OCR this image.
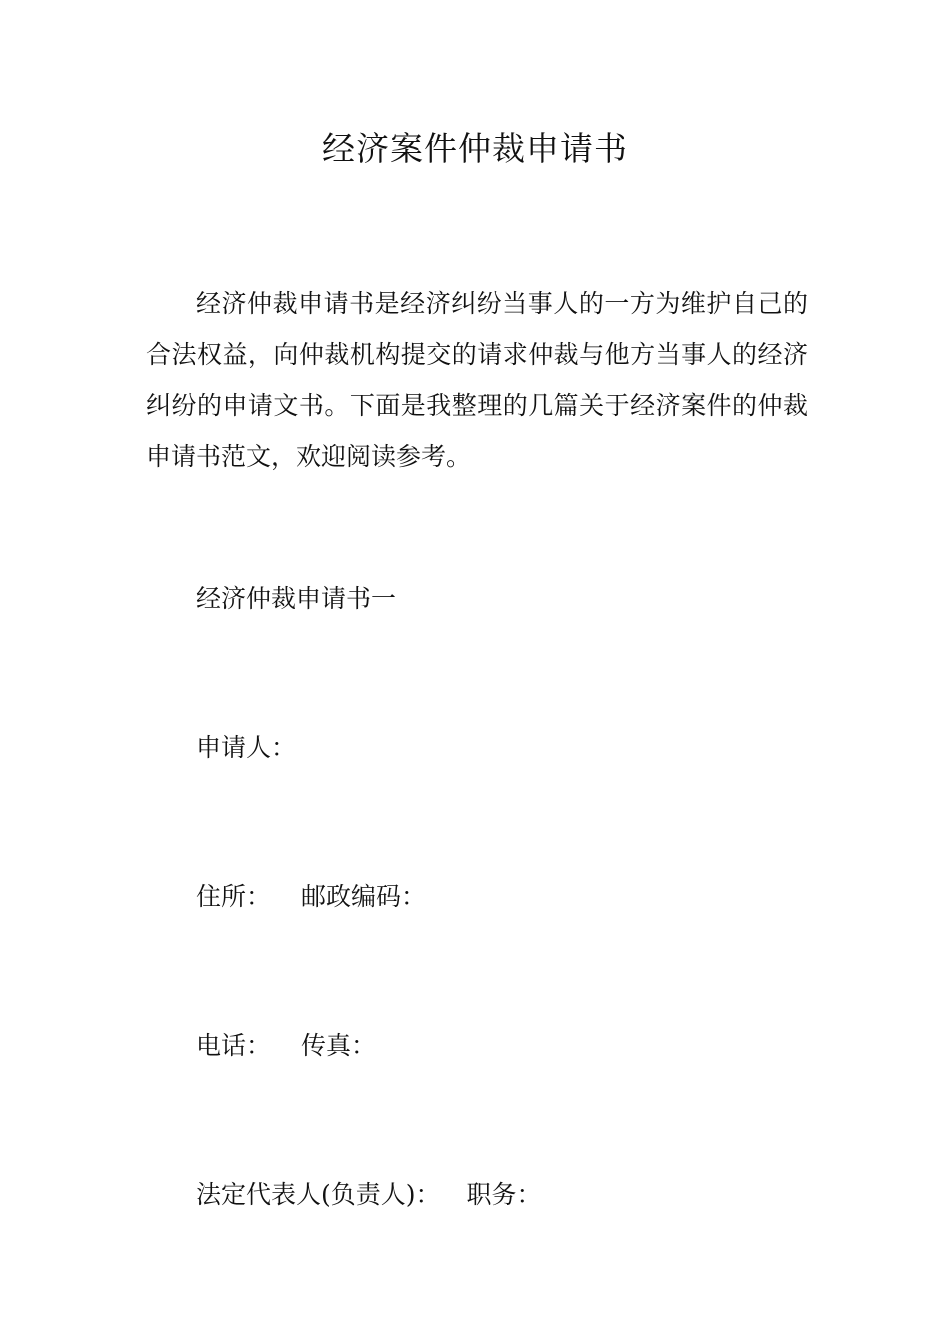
经济案件仲裁申请书

经济仲裁申请书是经济纠纷当事人的一方为维护自己的合法权益，向仲裁机构提交的请求仲裁与他方当事人的经济纠纷的申请文书。下面是我整理的几篇关于经济案件的仲裁申请书范文，欢迎阅读参考。

经济仲裁申请书一

申请人：

住所： 邮政编码：

电话： 传真：

法定代表人(负责人)： 职务：
